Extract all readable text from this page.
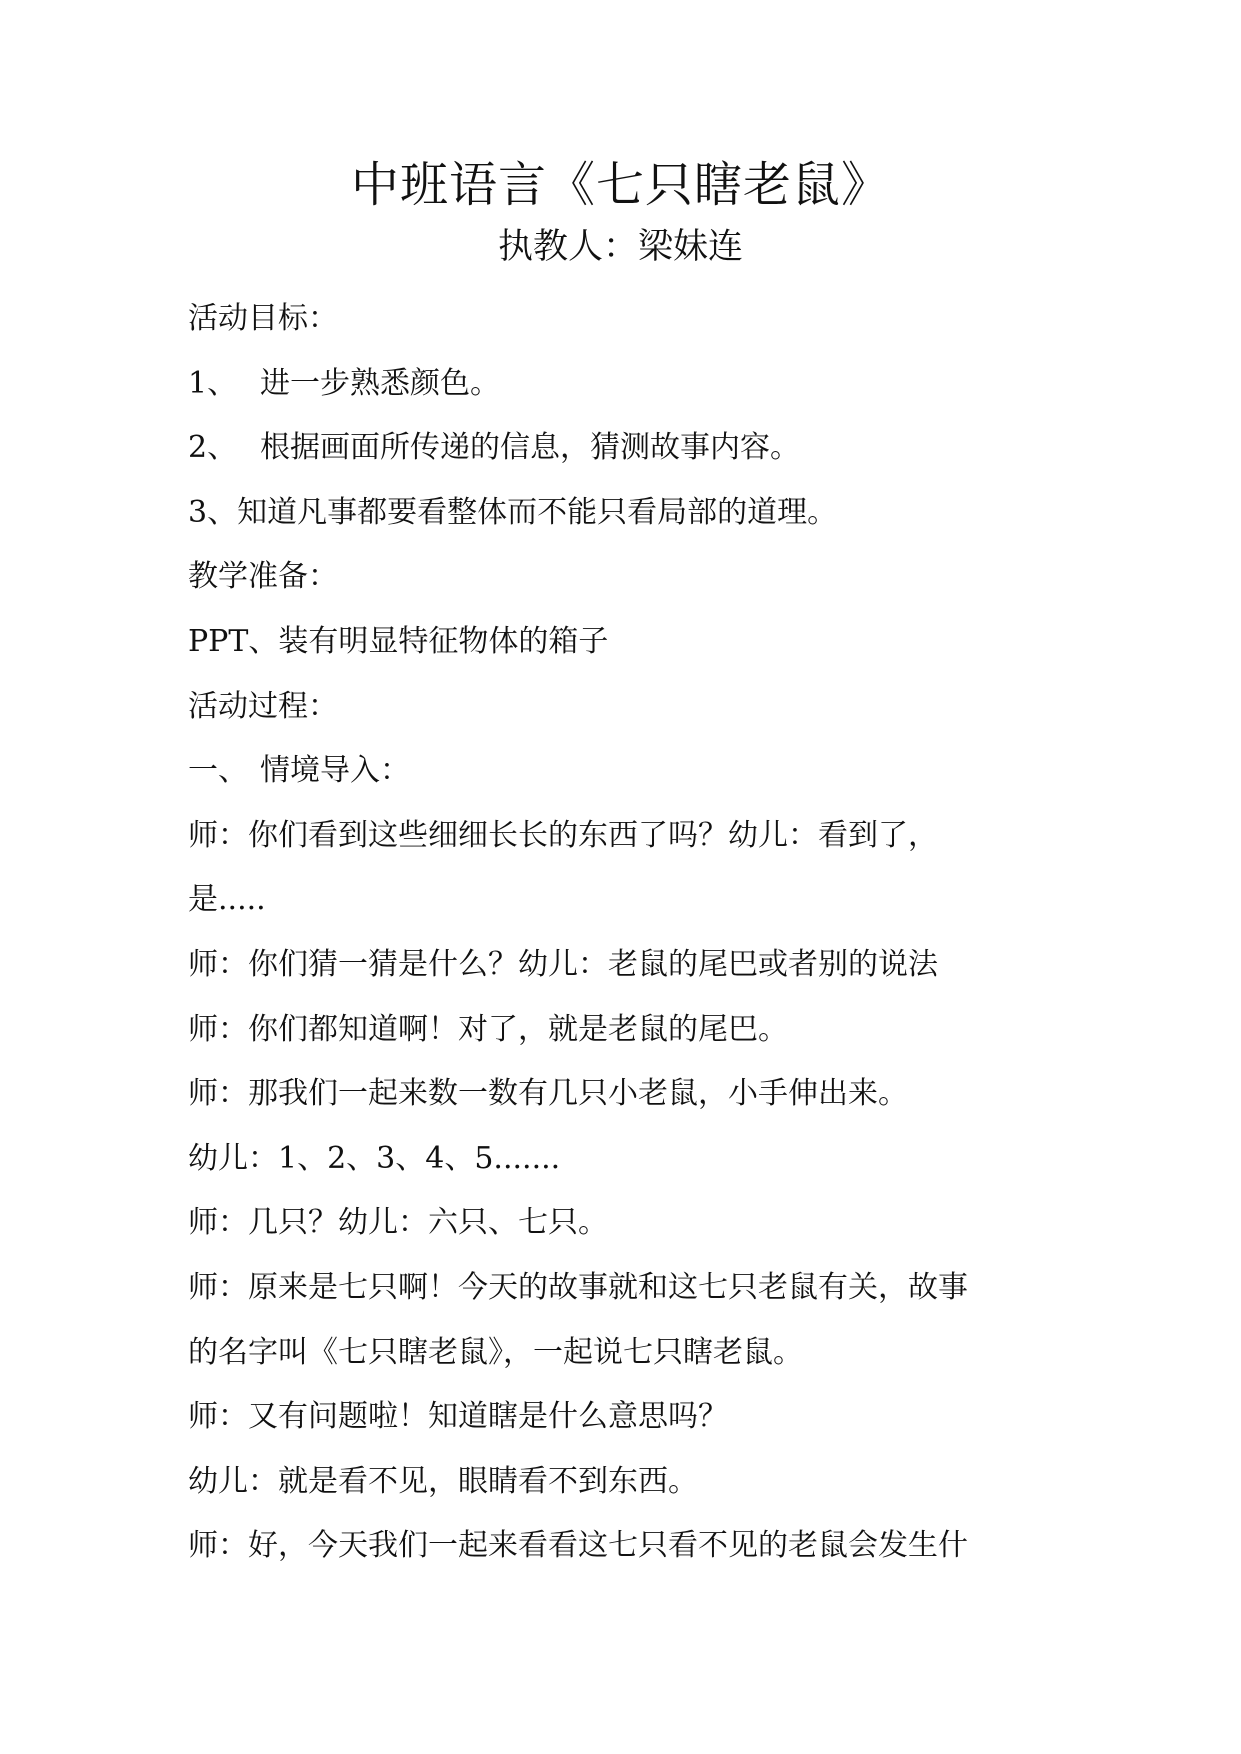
中班语言《七只瞎老鼠》
执教人：梁妹连
活动目标：
1、 进一步熟悉颜色。
2、 根据画面所传递的信息，猜测故事内容。
3、知道凡事都要看整体而不能只看局部的道理。
教学准备：
PPT、装有明显特征物体的箱子
活动过程：
一、 情境导入：
师：你们看到这些细细长长的东西了吗？幼儿：看到了，
是.....
师：你们猜一猜是什么？幼儿：老鼠的尾巴或者别的说法
师：你们都知道啊！对了，就是老鼠的尾巴。
师：那我们一起来数一数有几只小老鼠，小手伸出来。
幼儿：1、2、3、4、5.......
师：几只？幼儿：六只、七只。
师：原来是七只啊！今天的故事就和这七只老鼠有关，故事
的名字叫《七只瞎老鼠》，一起说七只瞎老鼠。
师：又有问题啦！知道瞎是什么意思吗？
幼儿：就是看不见，眼睛看不到东西。
师：好，今天我们一起来看看这七只看不见的老鼠会发生什
